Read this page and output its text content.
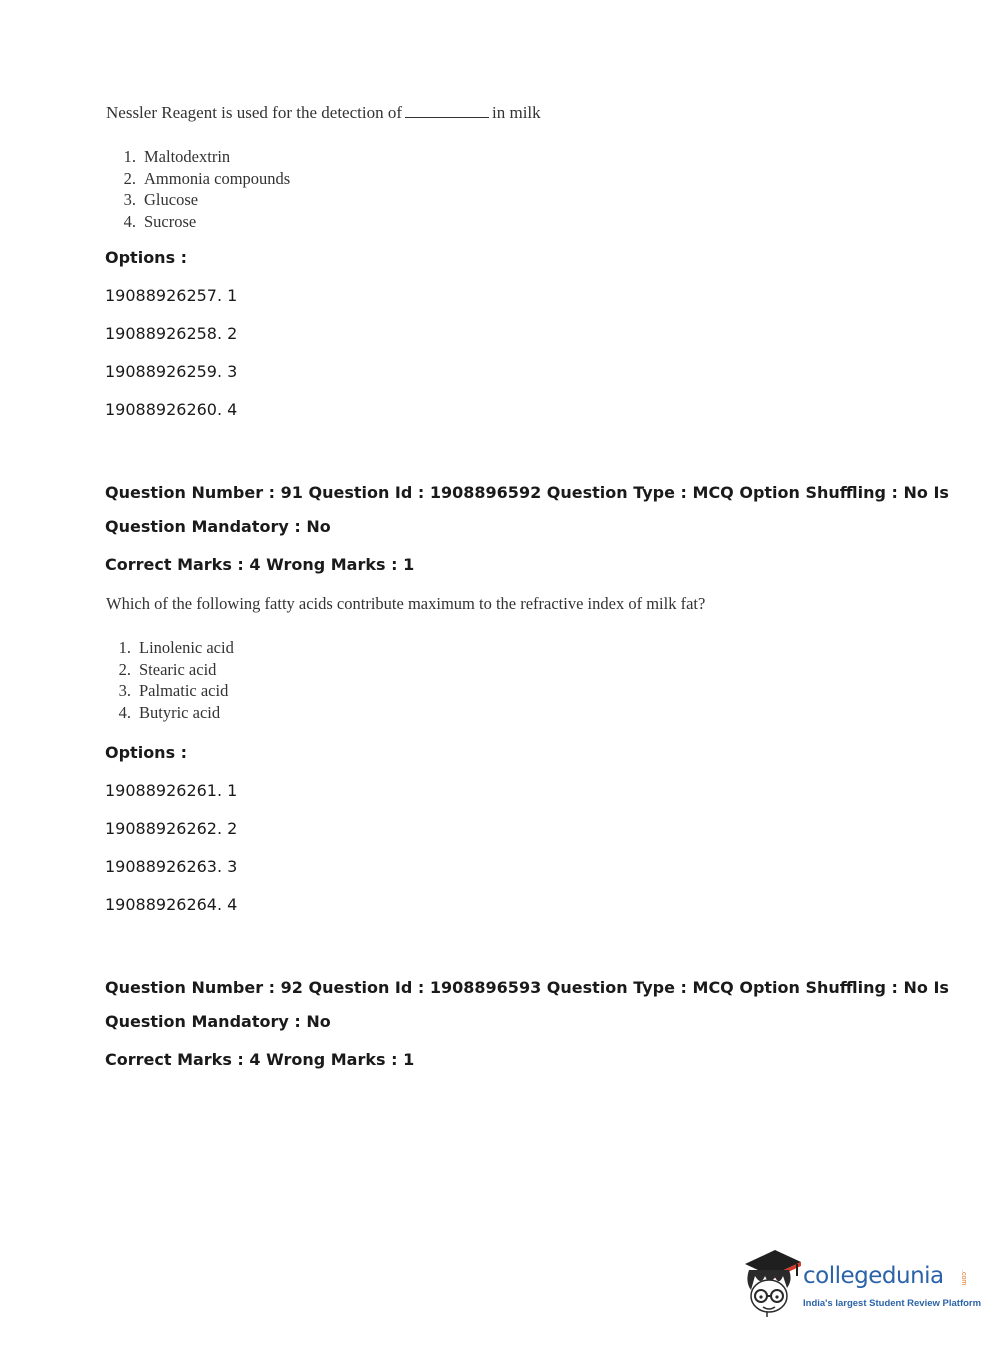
Nessler Reagent is used for the detection of	in milk
1. Maltodextrin
2. Ammonia compounds
3. Glucose
4. Sucrose
Options :
19088926257. 1
19088926258. 2
19088926259. 3
19088926260. 4
Question Number : 91 Question Id : 1908896592 Question Type : MCQ Option Shuffling : No Is
Question Mandatory : No
Correct Marks : 4 Wrong Marks : 1
Which of the following fatty acids contribute maximum to the refractive index of milk fat?
1. Linolenic acid
2. Stearic acid
3. Palmatic acid
4. Butyric acid
Options :
19088926261. 1
19088926262. 2
19088926263. 3
19088926264. 4
Question Number : 92 Question Id : 1908896593 Question Type : MCQ Option Shuffling : No Is
Question Mandatory : No
Correct Marks : 4 Wrong Marks : 1
collegedunia .com
India's largest Student Review Platform
